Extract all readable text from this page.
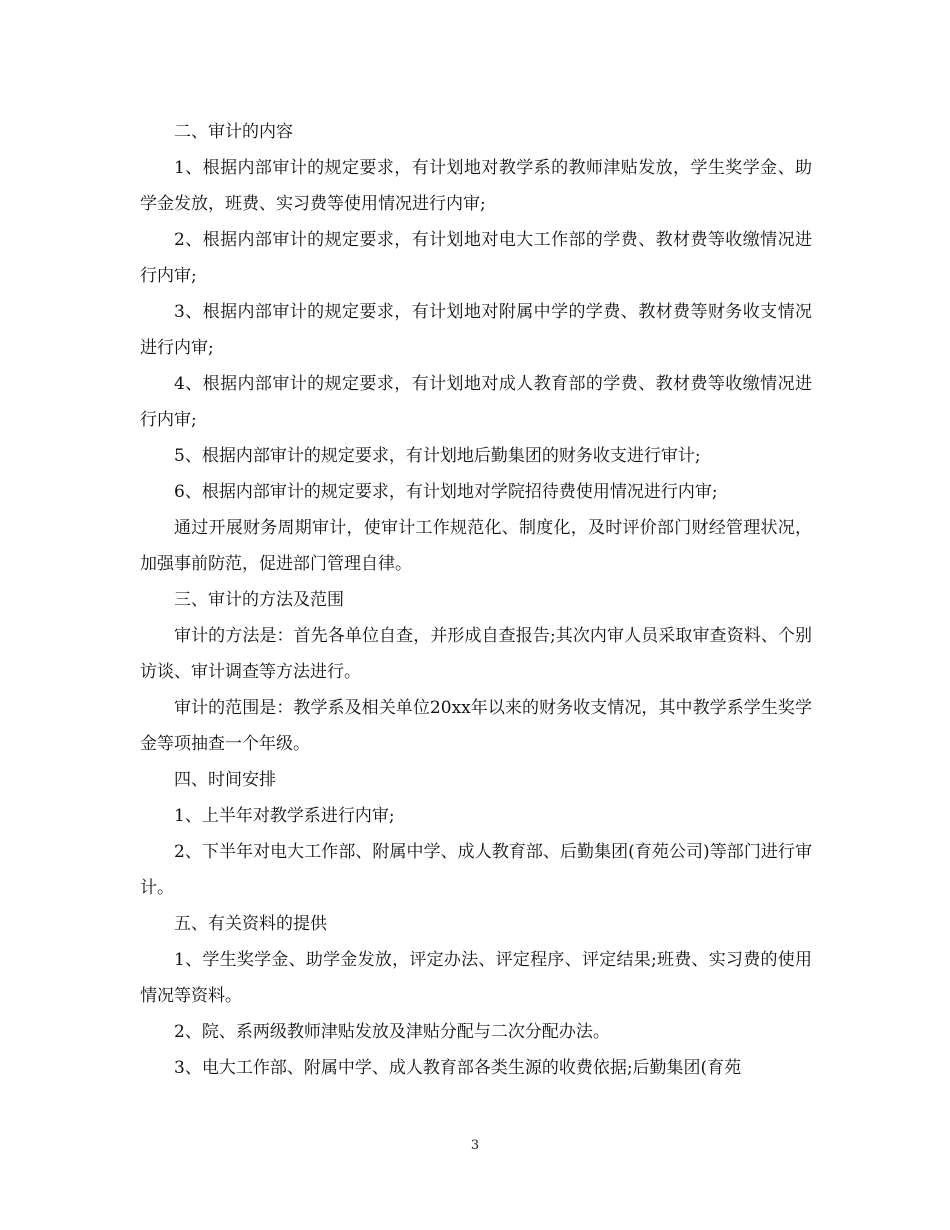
二、审计的内容

1、根据内部审计的规定要求，有计划地对教学系的教师津贴发放，学生奖学金、助学金发放，班费、实习费等使用情况进行内审;

2、根据内部审计的规定要求，有计划地对电大工作部的学费、教材费等收缴情况进行内审;

3、根据内部审计的规定要求，有计划地对附属中学的学费、教材费等财务收支情况进行内审;

4、根据内部审计的规定要求，有计划地对成人教育部的学费、教材费等收缴情况进行内审;

5、根据内部审计的规定要求，有计划地后勤集团的财务收支进行审计;

6、根据内部审计的规定要求，有计划地对学院招待费使用情况进行内审;

通过开展财务周期审计，使审计工作规范化、制度化，及时评价部门财经管理状况，加强事前防范，促进部门管理自律。

三、审计的方法及范围

审计的方法是：首先各单位自查，并形成自查报告;其次内审人员采取审查资料、个别访谈、审计调查等方法进行。

审计的范围是：教学系及相关单位20xx年以来的财务收支情况，其中教学系学生奖学金等项抽查一个年级。

四、时间安排

1、上半年对教学系进行内审;

2、下半年对电大工作部、附属中学、成人教育部、后勤集团(育苑公司)等部门进行审计。

五、有关资料的提供

1、学生奖学金、助学金发放，评定办法、评定程序、评定结果;班费、实习费的使用情况等资料。

2、院、系两级教师津贴发放及津贴分配与二次分配办法。

3、电大工作部、附属中学、成人教育部各类生源的收费依据;后勤集团(育苑

3
